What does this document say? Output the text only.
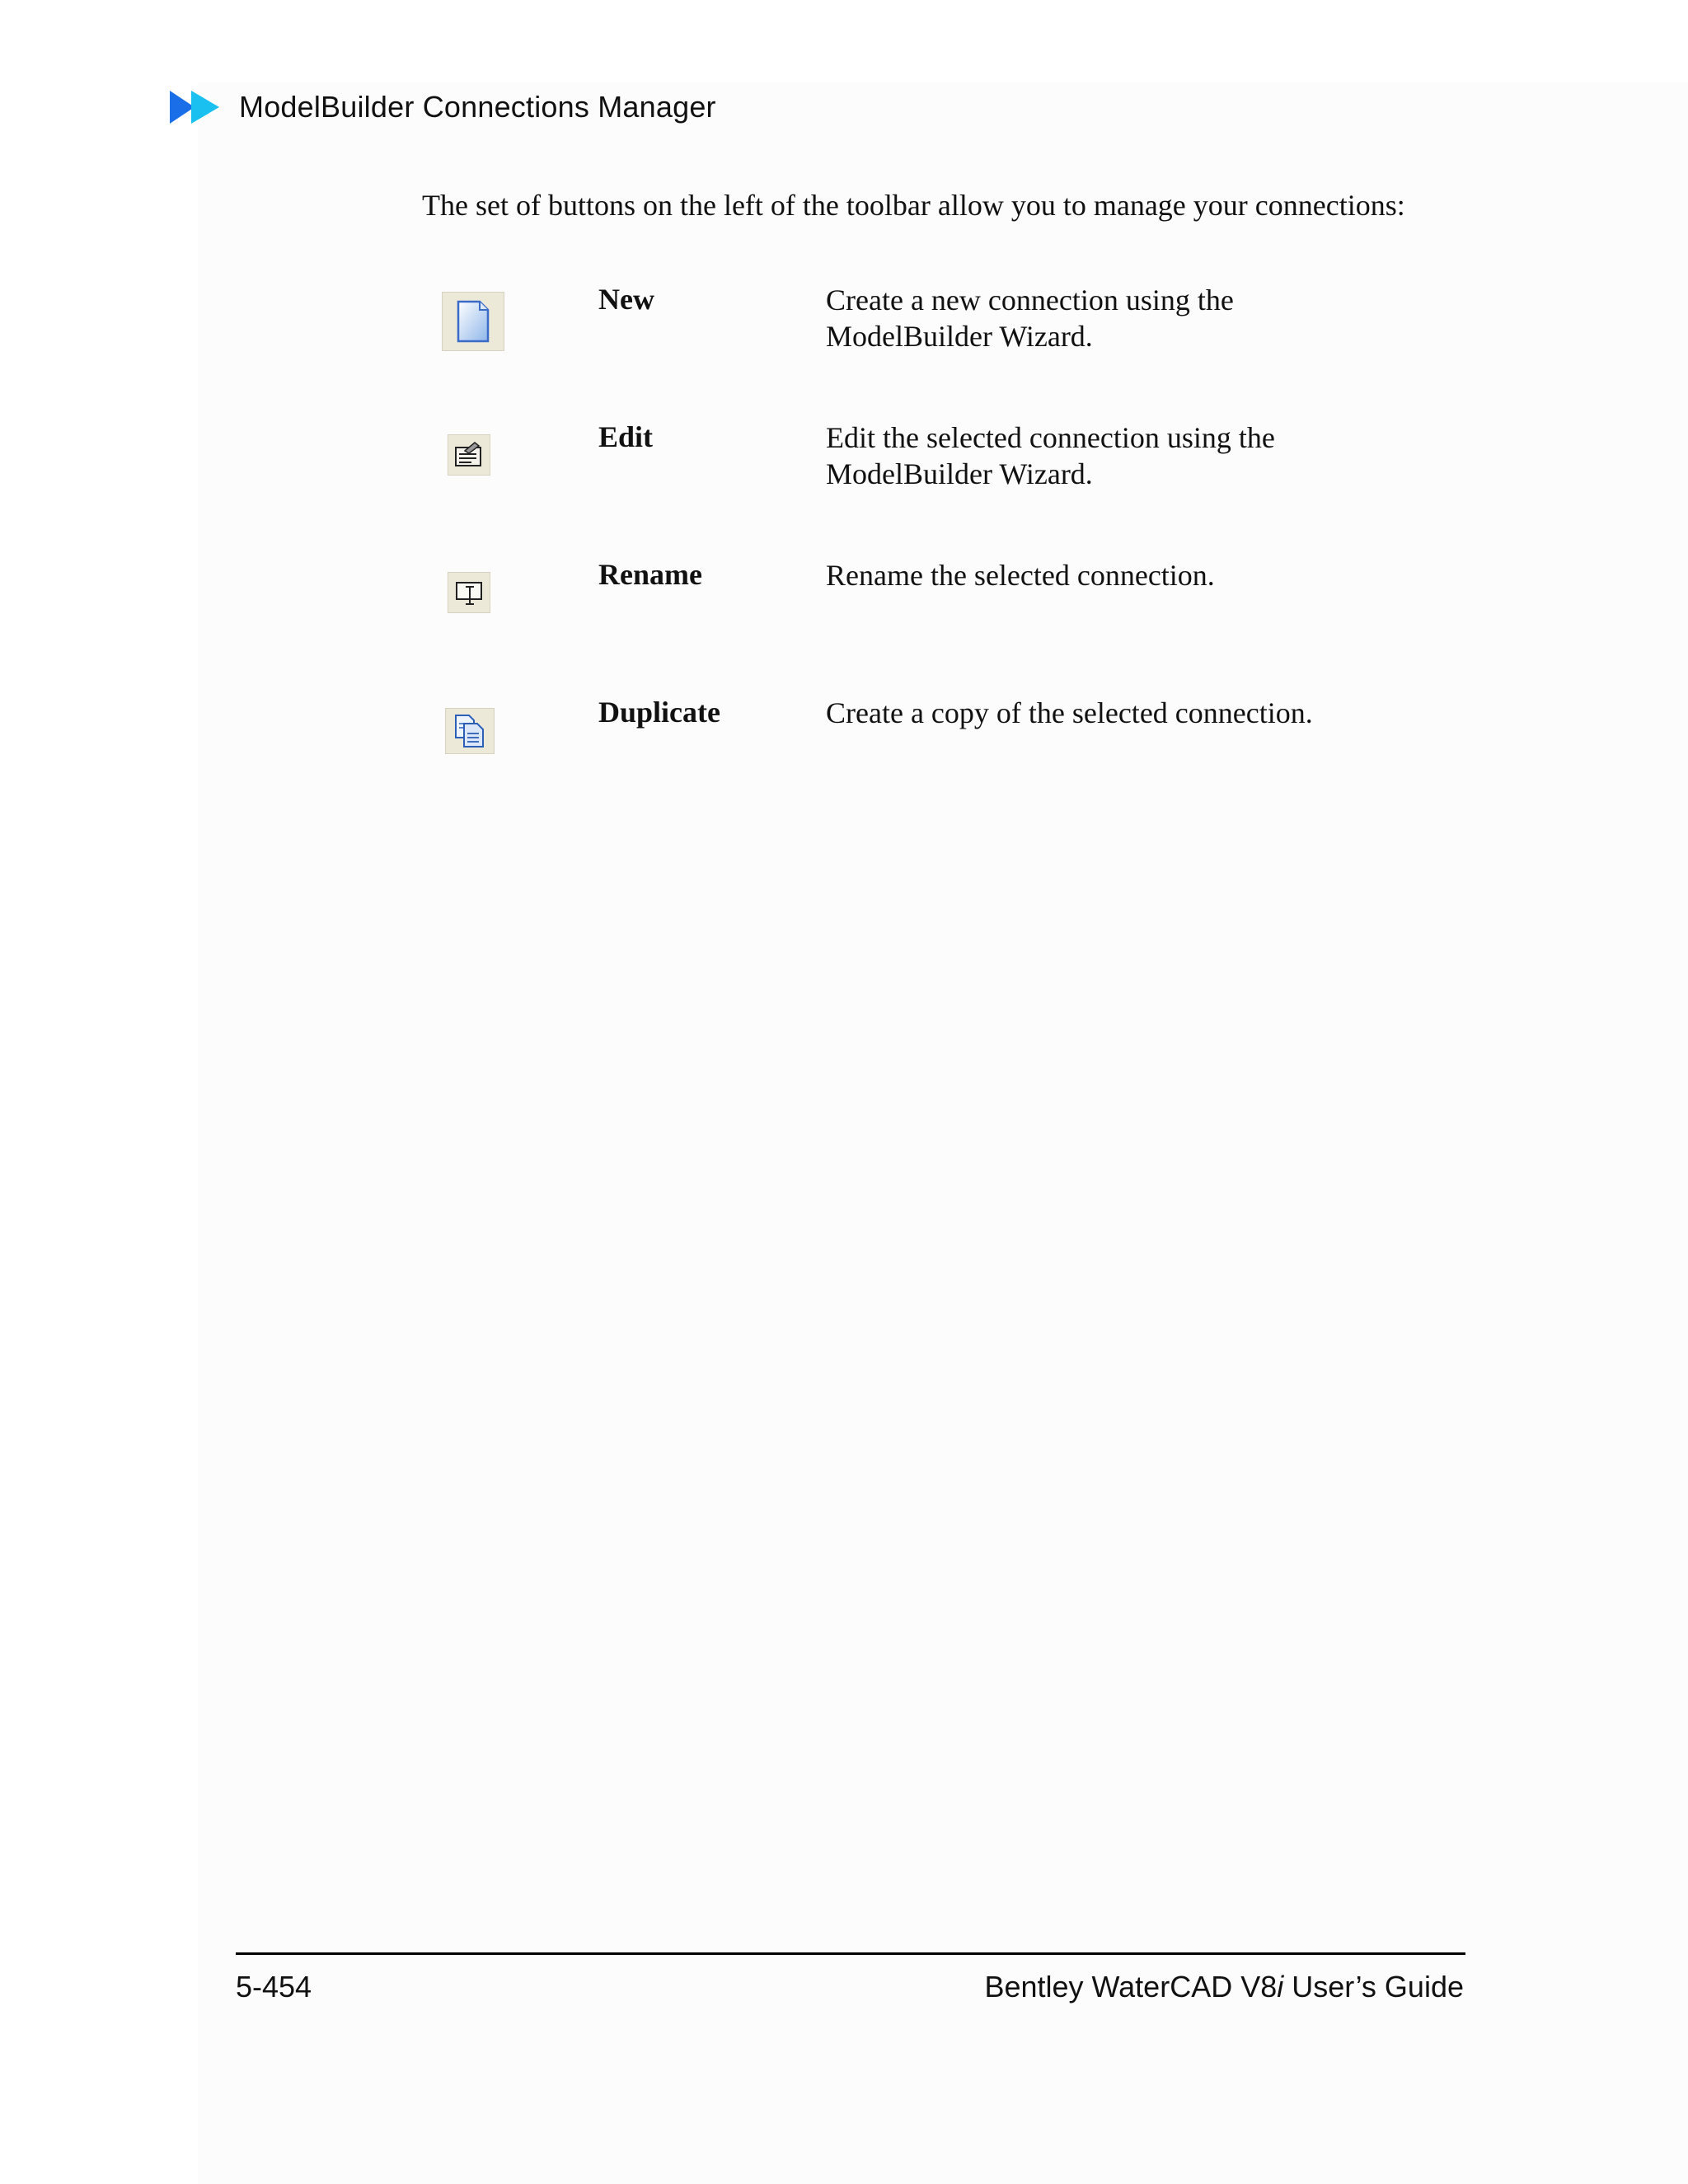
ModelBuilder Connections Manager
The set of buttons on the left of the toolbar allow you to manage your connections:
New	Create a new connection using the ModelBuilder Wizard.
Edit	Edit the selected connection using the ModelBuilder Wizard.
Rename	Rename the selected connection.
Duplicate	Create a copy of the selected connection.
5-454	Bentley WaterCAD V8i User’s Guide
